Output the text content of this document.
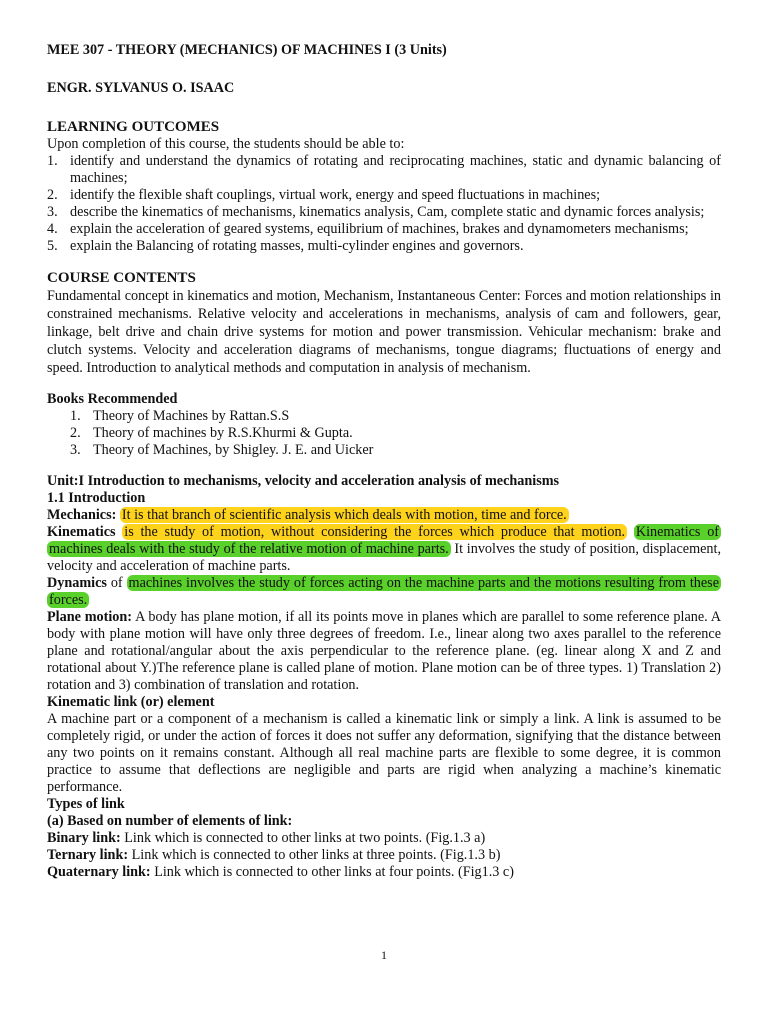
MEE 307 - THEORY (MECHANICS) OF MACHINES I (3 Units)
ENGR. SYLVANUS O. ISAAC
LEARNING OUTCOMES

Upon completion of this course, the students should be able to:

1. identify and understand the dynamics of rotating and reciprocating machines, static and dynamic balancing of machines;
2. identify the flexible shaft couplings, virtual work, energy and speed fluctuations in machines;
3. describe the kinematics of mechanisms, kinematics analysis, Cam, complete static and dynamic forces analysis;
4. explain the acceleration of geared systems, equilibrium of machines, brakes and dynamometers mechanisms;
5. explain the Balancing of rotating masses, multi-cylinder engines and governors.
COURSE CONTENTS

Fundamental concept in kinematics and motion, Mechanism, Instantaneous Center: Forces and motion relationships in constrained mechanisms. Relative velocity and accelerations in mechanisms, analysis of cam and followers, gear, linkage, belt drive and chain drive systems for motion and power transmission. Vehicular mechanism: brake and clutch systems. Velocity and acceleration diagrams of mechanisms, tongue diagrams; fluctuations of energy and speed. Introduction to analytical methods and computation in analysis of mechanism.

Books Recommended
1. Theory of Machines by Rattan.S.S
2. Theory of machines by R.S.Khurmi & Gupta.
3. Theory of Machines, by Shigley. J. E. and Uicker
Unit:I Introduction to mechanisms, velocity and acceleration analysis of mechanisms
1.1 Introduction

Mechanics: It is that branch of scientific analysis which deals with motion, time and force.

Kinematics is the study of motion, without considering the forces which produce that motion. Kinematics of machines deals with the study of the relative motion of machine parts. It involves the study of position, displacement, velocity and acceleration of machine parts.

Dynamics of machines involves the study of forces acting on the machine parts and the motions resulting from these forces.

Plane motion: A body has plane motion, if all its points move in planes which are parallel to some reference plane. A body with plane motion will have only three degrees of freedom. I.e., linear along two axes parallel to the reference plane and rotational/angular about the axis perpendicular to the reference plane. (eg. linear along X and Z and rotational about Y.)The reference plane is called plane of motion. Plane motion can be of three types. 1) Translation 2) rotation and 3) combination of translation and rotation.

Kinematic link (or) element

A machine part or a component of a mechanism is called a kinematic link or simply a link. A link is assumed to be completely rigid, or under the action of forces it does not suffer any deformation, signifying that the distance between any two points on it remains constant. Although all real machine parts are flexible to some degree, it is common practice to assume that deflections are negligible and parts are rigid when analyzing a machine’s kinematic performance.

Types of link
(a) Based on number of elements of link:

Binary link: Link which is connected to other links at two points. (Fig.1.3 a)

Ternary link: Link which is connected to other links at three points. (Fig.1.3 b)

Quaternary link: Link which is connected to other links at four points. (Fig1.3 c)

1
